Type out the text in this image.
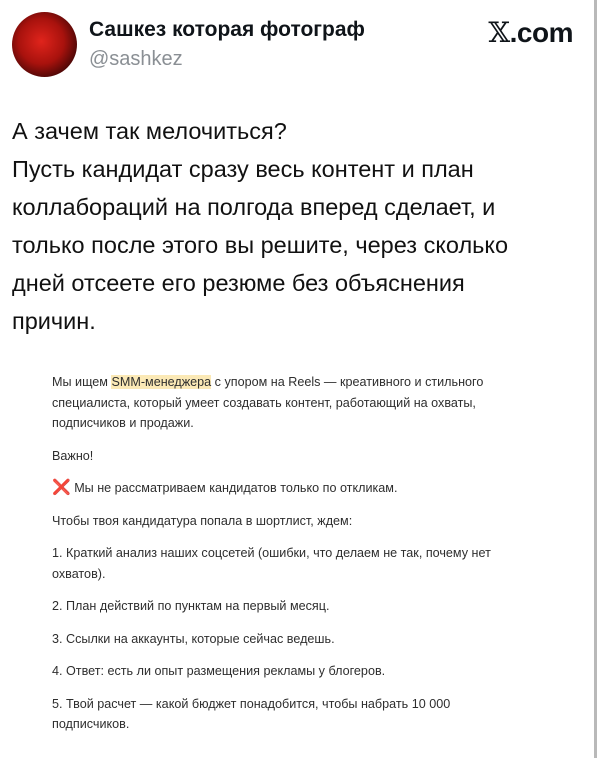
Сашкез которая фотограф
@sashkez
𝕏.com
А зачем так мелочиться?
Пусть кандидат сразу весь контент и план
коллабораций на полгода вперед сделает, и
только после этого вы решите, через сколько
дней отсеете его резюме без объяснения
причин.
Мы ищем SMM-менеджера с упором на Reels — креативного и стильного
специалиста, который умеет создавать контент, работающий на охваты,
подписчиков и продажи.
Важно!
❌ Мы не рассматриваем кандидатов только по откликам.
Чтобы твоя кандидатура попала в шортлист, ждем:
1. Краткий анализ наших соцсетей (ошибки, что делаем не так, почему нет
охватов).
2. План действий по пунктам на первый месяц.
3. Ссылки на аккаунты, которые сейчас ведешь.
4. Ответ: есть ли опыт размещения рекламы у блогеров.
5. Твой расчет — какой бюджет понадобится, чтобы набрать 10 000
подписчиков.
